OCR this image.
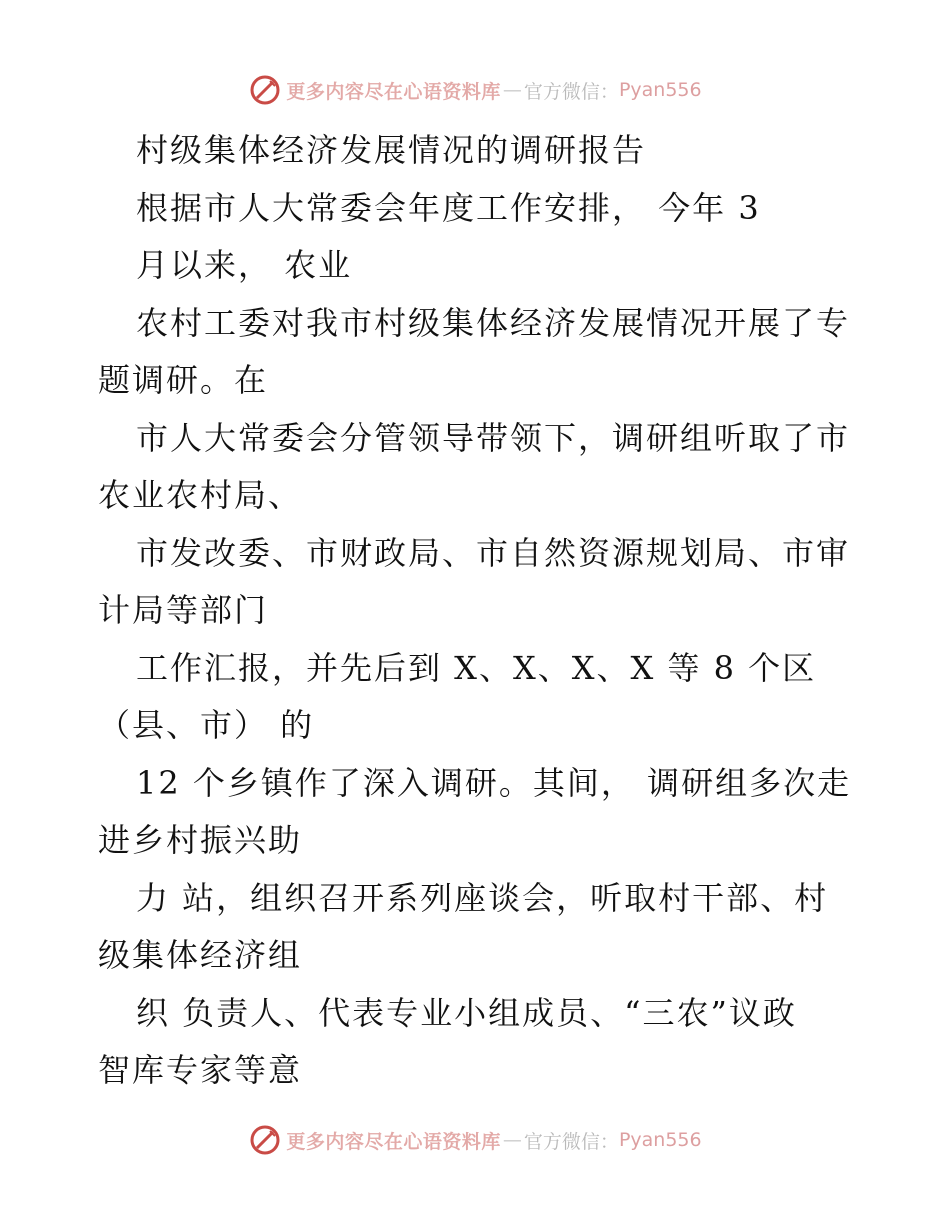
更多内容尽在心语资料库 — 官方微信： Pyan556
村级集体经济发展情况的调研报告
根据市人大常委会年度工作安排， 今年 3
月以来， 农业
农村工委对我市村级集体经济发展情况开展了专
题调研。在
市人大常委会分管领导带领下，调研组听取了市
农业农村局、
市发改委、市财政局、市自然资源规划局、市审
计局等部门
工作汇报，并先后到 X、X、X、X 等 8 个区
（县、市） 的
12 个乡镇作了深入调研。其间， 调研组多次走
进乡村振兴助
力 站，组织召开系列座谈会，听取村干部、村
级集体经济组
织 负责人、代表专业小组成员、“三农”议政
智库专家等意
更多内容尽在心语资料库 — 官方微信： Pyan556
